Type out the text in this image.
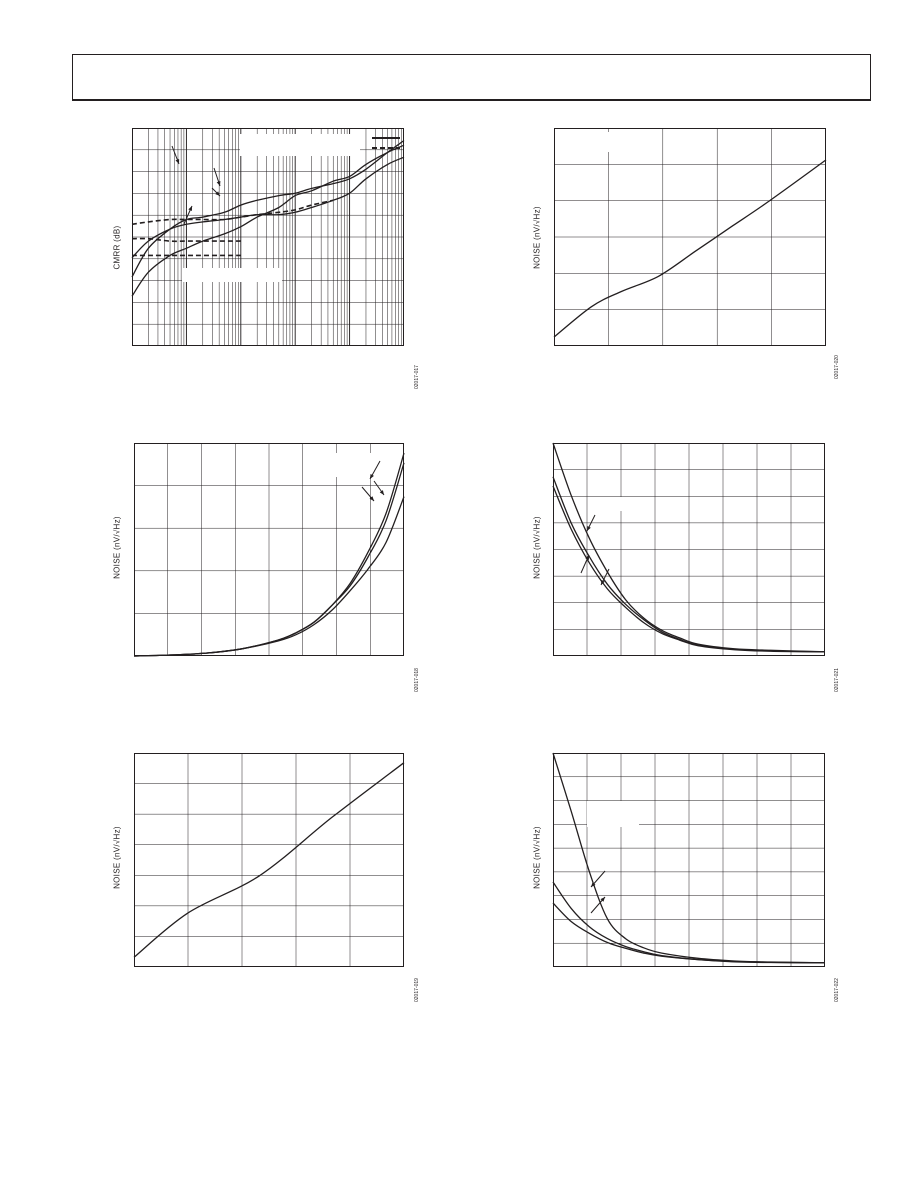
CMRR (dB)
02017-017
NOISE (nV/√Hz)
02017-020
NOISE (nV/√Hz)
02017-018
NOISE (nV/√Hz)
02017-021
NOISE (nV/√Hz)
02017-019
NOISE (nV/√Hz)
02017-022
